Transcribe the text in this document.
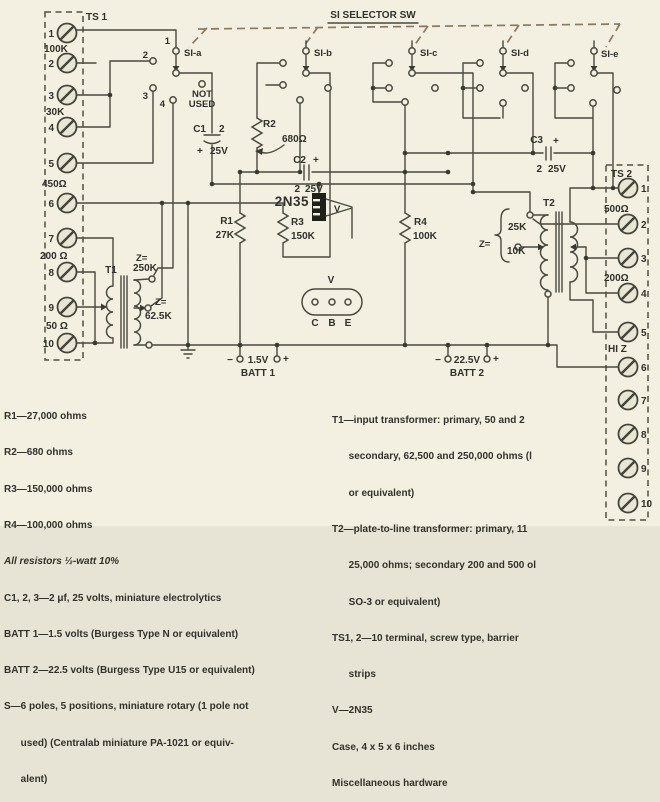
SI SELECTOR SW
SI-a	SI-b	SI-c	SI-d	SI-e
1
2
3
4
NOT
USED
TS 1
1
2
3
4
5
6
7
8
9
10
100K
30K
450Ω
200 Ω
50 Ω
TS 2
1
2
3
4
5
6
7
8
9
10
500Ω
200Ω
HI Z
R1
27K
R2
680Ω
R3
150K
R4
100K
C1 2
+ 25V
C2 +
2 25V
C3 +
2 25V
2N35
V
T1
Z=
250K
Z=
62.5K
T2
Z=
25K
10K
V
C B E
− 1.5V +
BATT 1
− 22.5V +
BATT 2

R1—27,000 ohms

R2—680 ohms

R3—150,000 ohms

R4—100,000 ohms

All resistors ½-watt 10%

C1, 2, 3—2 μf, 25 volts, miniature electrolytics

BATT 1—1.5 volts (Burgess Type N or equivalent)

BATT 2—22.5 volts (Burgess Type U15 or equivalent)

S—6 poles, 5 positions, miniature rotary (1 pole not

used) (Centralab miniature PA-1021 or equiv-

alent)

T1—input transformer: primary, 50 and 2

secondary, 62,500 and 250,000 ohms (l

or equivalent)

T2—plate-to-line transformer: primary, 11

25,000 ohms; secondary 200 and 500 ol

SO-3 or equivalent)

TS1, 2—10 terminal, screw type, barrier

strips

V—2N35

Case, 4 x 5 x 6 inches

Miscellaneous hardware
